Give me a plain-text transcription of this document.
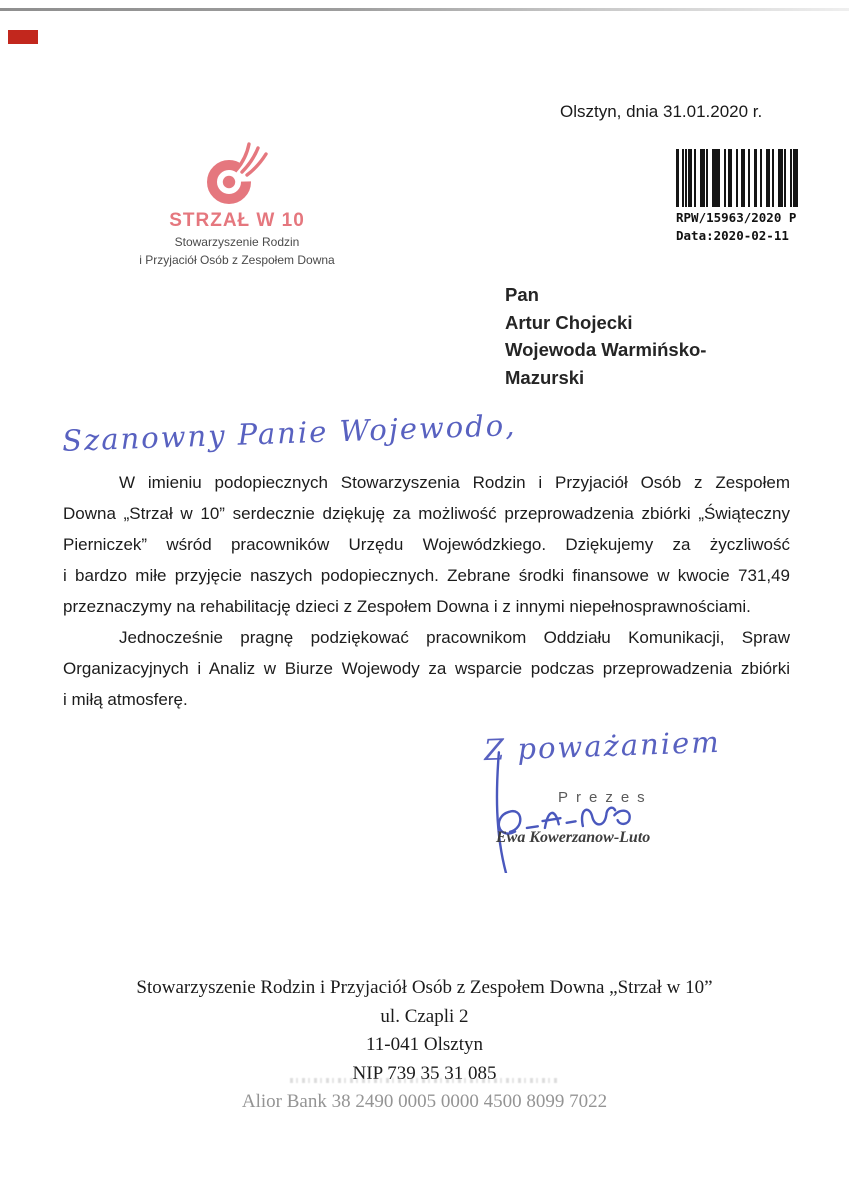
Olsztyn, dnia 31.01.2020 r.
STRZAŁ W 10
Stowarzyszenie Rodzin
i Przyjaciół Osób z Zespołem Downa
RPW/15963/2020 P
Data:2020-02-11
Pan
Artur Chojecki
Wojewoda Warmińsko-
Mazurski
Szanowny Panie Wojewodo,
W imieniu podopiecznych Stowarzyszenia Rodzin i Przyjaciół Osób z Zespołem
Downa „Strzał w 10” serdecznie dziękuję za możliwość przeprowadzenia zbiórki „Świąteczny
Pierniczek” wśród pracowników Urzędu Wojewódzkiego. Dziękujemy za życzliwość
i bardzo miłe przyjęcie naszych podopiecznych. Zebrane środki finansowe w kwocie 731,49
przeznaczymy na rehabilitację dzieci z Zespołem Downa i z innymi niepełnosprawnościami.
Jednocześnie pragnę podziękować pracownikom Oddziału Komunikacji, Spraw
Organizacyjnych i Analiz w Biurze Wojewody za wsparcie podczas przeprowadzenia zbiórki
i miłą atmosferę.
Z poważaniem
Prezes
Ewa Kowerzanow-Luto
Stowarzyszenie Rodzin i Przyjaciół Osób z Zespołem Downa „Strzał w 10”
ul. Czapli 2
11-041 Olsztyn
NIP 739 35 31 085
Alior Bank 38 2490 0005 0000 4500 8099 7022
